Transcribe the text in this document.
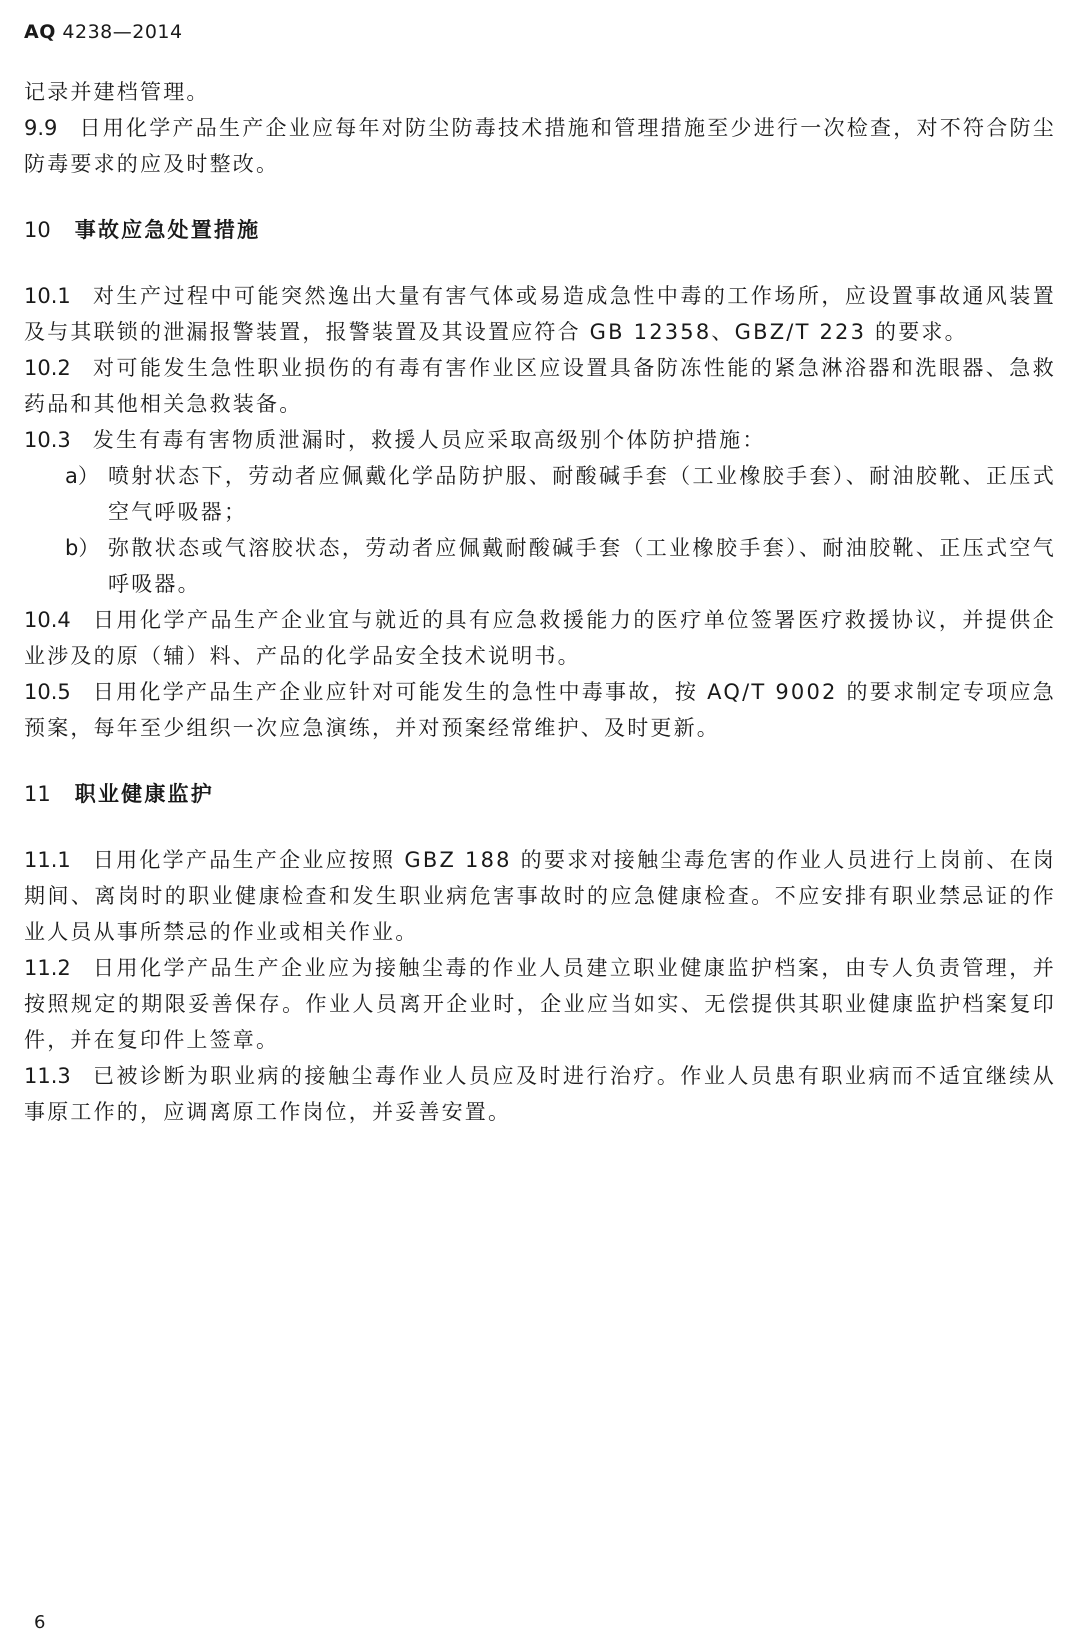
AQ 4238—2014

记录并建档管理。

9.9 日用化学产品生产企业应每年对防尘防毒技术措施和管理措施至少进行一次检查，对不符合防尘防毒要求的应及时整改。

10 事故应急处置措施

10.1 对生产过程中可能突然逸出大量有害气体或易造成急性中毒的工作场所，应设置事故通风装置及与其联锁的泄漏报警装置，报警装置及其设置应符合 GB 12358、GBZ/T 223 的要求。

10.2 对可能发生急性职业损伤的有毒有害作业区应设置具备防冻性能的紧急淋浴器和洗眼器、急救药品和其他相关急救装备。

10.3 发生有毒有害物质泄漏时，救援人员应采取高级别个体防护措施：

a） 喷射状态下，劳动者应佩戴化学品防护服、耐酸碱手套（工业橡胶手套）、耐油胶靴、正压式空气呼吸器；
b） 弥散状态或气溶胶状态，劳动者应佩戴耐酸碱手套（工业橡胶手套）、耐油胶靴、正压式空气呼吸器。

10.4 日用化学产品生产企业宜与就近的具有应急救援能力的医疗单位签署医疗救援协议，并提供企业涉及的原（辅）料、产品的化学品安全技术说明书。

10.5 日用化学产品生产企业应针对可能发生的急性中毒事故，按 AQ/T 9002 的要求制定专项应急预案，每年至少组织一次应急演练，并对预案经常维护、及时更新。

11 职业健康监护

11.1 日用化学产品生产企业应按照 GBZ 188 的要求对接触尘毒危害的作业人员进行上岗前、在岗期间、离岗时的职业健康检查和发生职业病危害事故时的应急健康检查。不应安排有职业禁忌证的作业人员从事所禁忌的作业或相关作业。

11.2 日用化学产品生产企业应为接触尘毒的作业人员建立职业健康监护档案，由专人负责管理，并按照规定的期限妥善保存。作业人员离开企业时，企业应当如实、无偿提供其职业健康监护档案复印件，并在复印件上签章。

11.3 已被诊断为职业病的接触尘毒作业人员应及时进行治疗。作业人员患有职业病而不适宜继续从事原工作的，应调离原工作岗位，并妥善安置。

6
